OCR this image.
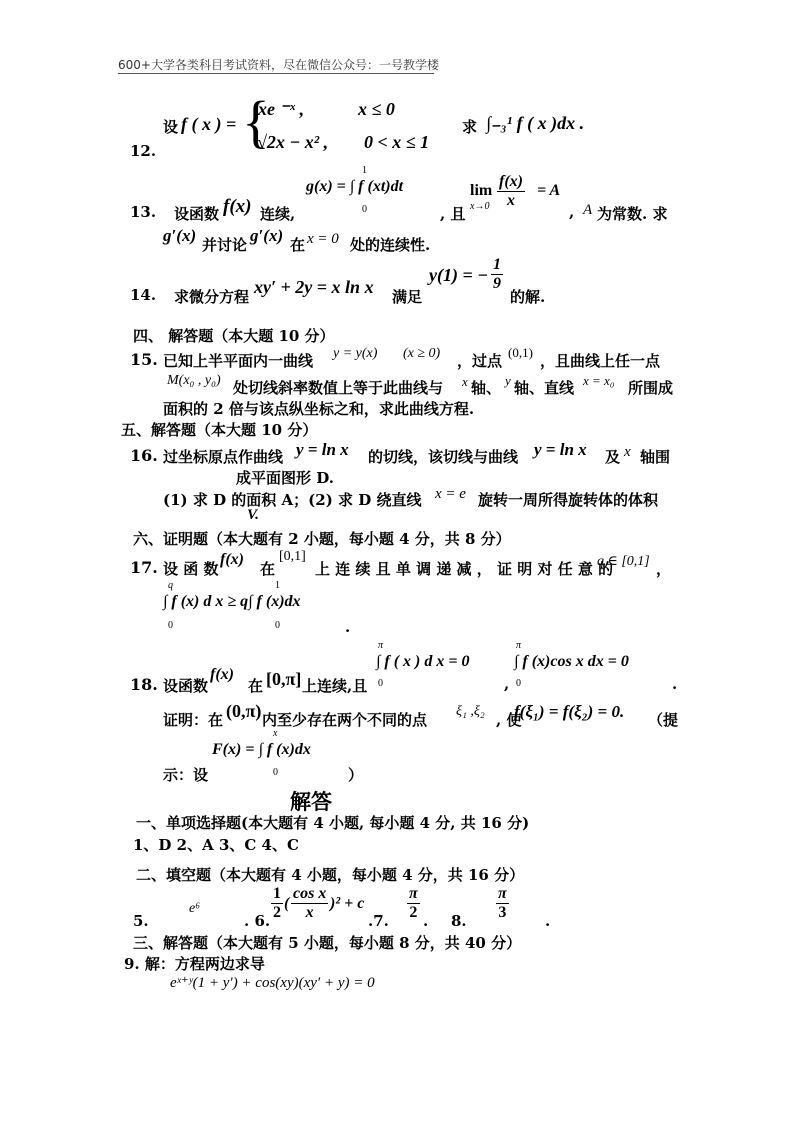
600+大学各类科目考试资料，尽在微信公众号：一号教学楼
12.
设 f ( x ) = {
xe ⁻ˣ ,	x ≤ 0
√2x − x² , 0 < x ≤ 1
求 ∫₋₃¹ f ( x )dx .
13. 设函数 f(x) 连续,
1
g(x) = ∫ f (xt)dt
0	, 且
lim
$x\to 0 \frac{f(x)}{x} = A$
, A 为常数. 求
g′(x) 并讨论 g′(x) 在 x = 0 处的连续性.
14. 求微分方程 xy′ + 2y = x ln x 满足
y(1) = − $\frac{1}{9}$
的解.
四、 解答题（本大题 10 分）
15. 已知上半平面内一曲线 y = y(x) (x ≥ 0) ，过点 (0,1) ，且曲线上任一点
M(x₀ , y₀) 处切线斜率数值上等于此曲线与 x 轴、 y 轴、直线 x = x₀ 所围成
面积的 2 倍与该点纵坐标之和，求此曲线方程.
五、解答题（本大题 10 分）
16. 过坐标原点作曲线 y = ln x 的切线，该切线与曲线 y = ln x 及 x 轴围
成平面图形 D.
(1) 求 D 的面积 A；(2) 求 D 绕直线 x = e 旋转一周所得旋转体的体积
V.
六、证明题（本大题有 2 小题，每小题 4 分，共 8 分）
17. 设 函 数
f(x)
在
[0,1]
上 连 续 且 单 调 递 减 ， 证 明 对 任 意 的
q ∈ [0,1] ，
q
∫ f (x) d x ≥ q∫ f (x)dx
0
1
0	.
18. 设函数
f(x)
在 [0,π] 上连续,且
π
∫ f ( x ) d x = 0
0	,
π
∫ f (x)cos x dx = 0
0	.
证明：在 (0,π) 内至少存在两个不同的点 ξ₁ ,ξ₂ , 使
f(ξ₁) = f(ξ₂) = 0. （提
x
F(x) = ∫ f (x)dx
0
示：设	）
解答
一、单项选择题(本大题有 4 小题, 每小题 4 分, 共 16 分)
1、D 2、A 3、C 4、C
二、填空题（本大题有 4 小题，每小题 4 分，共 16 分）
5.
e⁶
. 6. $\frac{1}{2}$ ( $\frac{\text{cos x}}{x} )^2 + c$
.7. $\frac{\pi}{2}$ . 8. $\frac{\pi}{3}$ .
三、解答题（本大题有 5 小题，每小题 8 分，共 40 分）
9. 解：方程两边求导
eˣ⁺ʸ(1 + y′) + cos(xy)(xy′ + y) = 0
